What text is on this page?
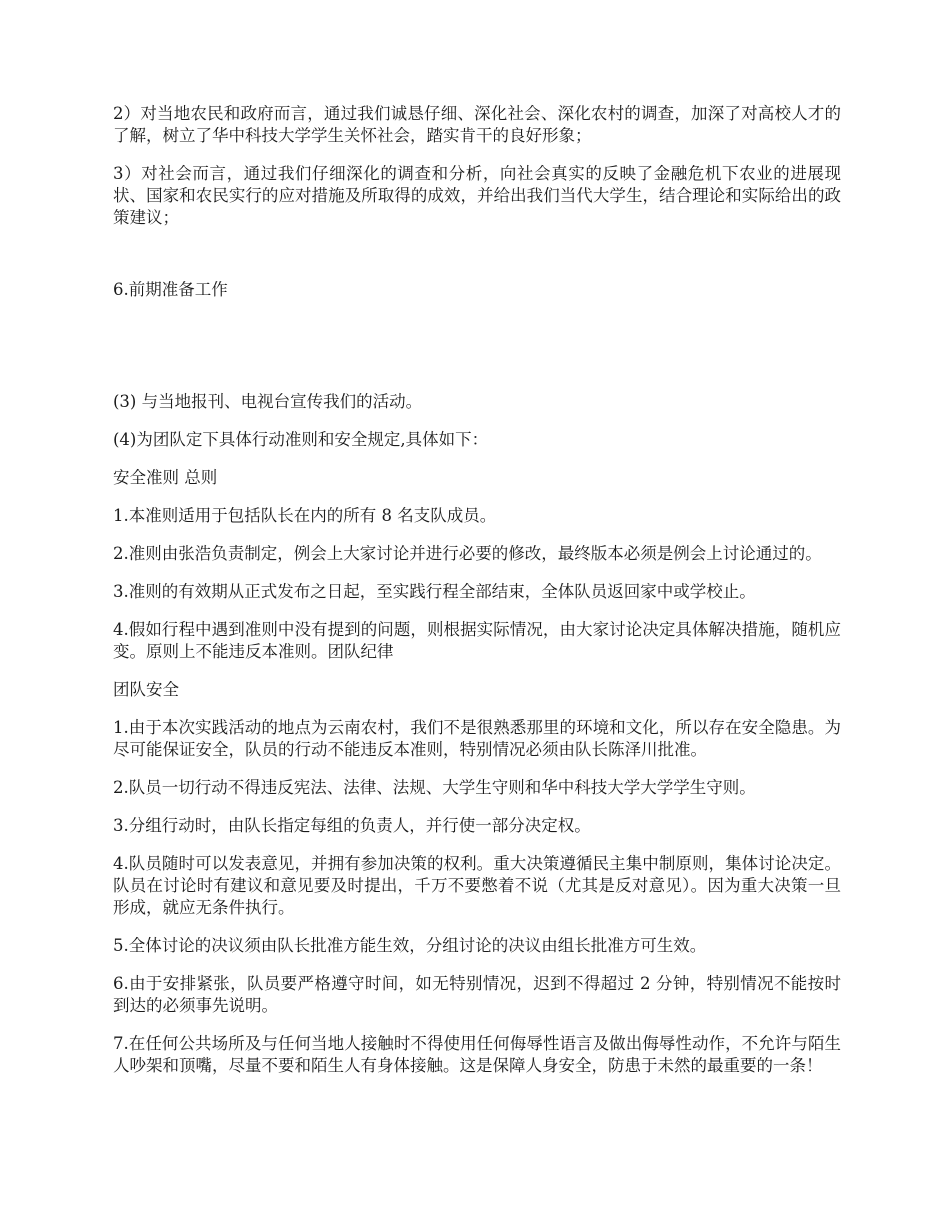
2）对当地农民和政府而言，通过我们诚恳仔细、深化社会、深化农村的调查，加深了对高校人才的了解，树立了华中科技大学学生关怀社会，踏实肯干的良好形象；

3）对社会而言，通过我们仔细深化的调查和分析，向社会真实的反映了金融危机下农业的进展现状、国家和农民实行的应对措施及所取得的成效，并给出我们当代大学生，结合理论和实际给出的政策建议；

6.前期准备工作

(3) 与当地报刊、电视台宣传我们的活动。

(4)为团队定下具体行动准则和安全规定,具体如下：

安全准则 总则

1.本准则适用于包括队长在内的所有 8 名支队成员。

2.准则由张浩负责制定，例会上大家讨论并进行必要的修改，最终版本必须是例会上讨论通过的。

3.准则的有效期从正式发布之日起，至实践行程全部结束，全体队员返回家中或学校止。

4.假如行程中遇到准则中没有提到的问题，则根据实际情况，由大家讨论决定具体解决措施，随机应变。原则上不能违反本准则。团队纪律

团队安全

1.由于本次实践活动的地点为云南农村，我们不是很熟悉那里的环境和文化，所以存在安全隐患。为尽可能保证安全，队员的行动不能违反本准则，特别情况必须由队长陈泽川批准。

2.队员一切行动不得违反宪法、法律、法规、大学生守则和华中科技大学大学学生守则。

3.分组行动时，由队长指定每组的负责人，并行使一部分决定权。

4.队员随时可以发表意见，并拥有参加决策的权利。重大决策遵循民主集中制原则，集体讨论决定。队员在讨论时有建议和意见要及时提出，千万不要憋着不说（尤其是反对意见）。因为重大决策一旦形成，就应无条件执行。

5.全体讨论的决议须由队长批准方能生效，分组讨论的决议由组长批准方可生效。

6.由于安排紧张，队员要严格遵守时间，如无特别情况，迟到不得超过 2 分钟，特别情况不能按时到达的必须事先说明。

7.在任何公共场所及与任何当地人接触时不得使用任何侮辱性语言及做出侮辱性动作，不允许与陌生人吵架和顶嘴，尽量不要和陌生人有身体接触。这是保障人身安全，防患于未然的最重要的一条！
